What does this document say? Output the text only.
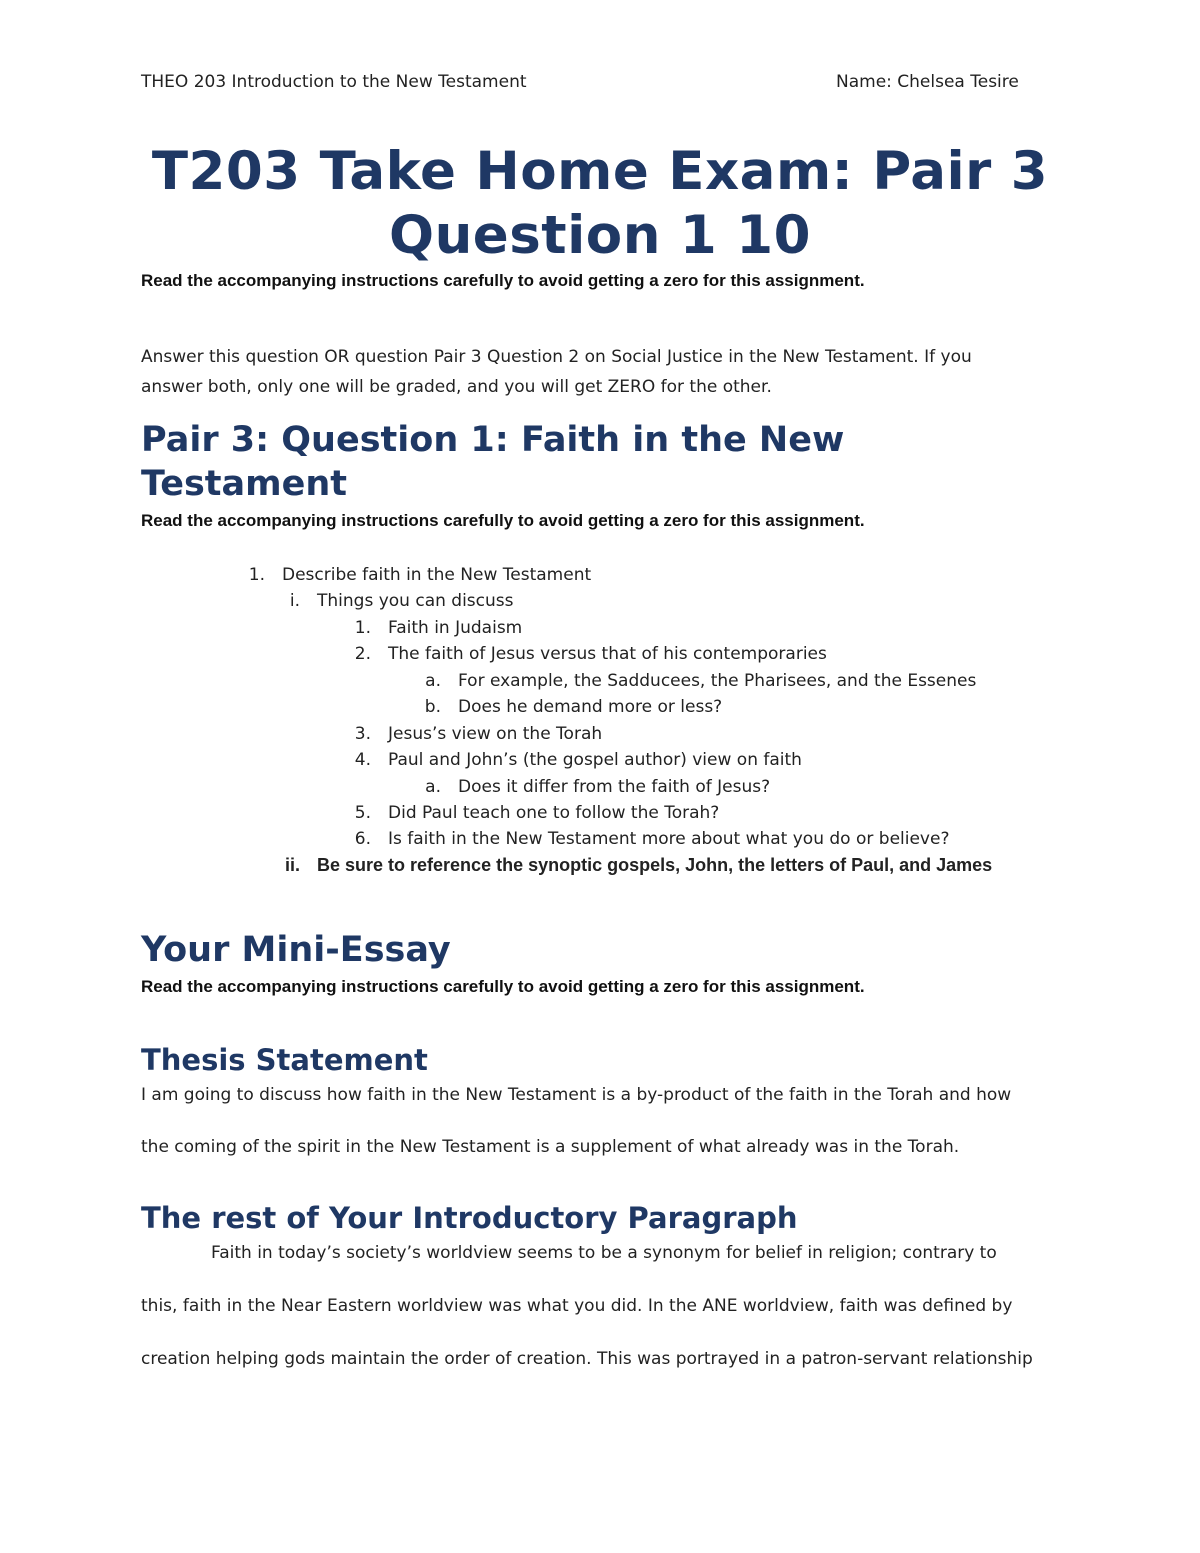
THEO 203 Introduction to the New Testament	Name: Chelsea Tesire
T203 Take Home Exam: Pair 3
Question 1 10
Read the accompanying instructions carefully to avoid getting a zero for this assignment.
Answer this question OR question Pair 3 Question 2 on Social Justice in the New Testament. If you
answer both, only one will be graded, and you will get ZERO for the other.
Pair 3: Question 1: Faith in the New
Testament
Read the accompanying instructions carefully to avoid getting a zero for this assignment.
1. Describe faith in the New Testament
i. Things you can discuss
1. Faith in Judaism
2. The faith of Jesus versus that of his contemporaries
a. For example, the Sadducees, the Pharisees, and the Essenes
b. Does he demand more or less?
3. Jesus’s view on the Torah
4. Paul and John’s (the gospel author) view on faith
a. Does it differ from the faith of Jesus?
5. Did Paul teach one to follow the Torah?
6. Is faith in the New Testament more about what you do or believe?
ii. Be sure to reference the synoptic gospels, John, the letters of Paul, and James
Your Mini-Essay
Read the accompanying instructions carefully to avoid getting a zero for this assignment.
Thesis Statement
I am going to discuss how faith in the New Testament is a by-product of the faith in the Torah and how
the coming of the spirit in the New Testament is a supplement of what already was in the Torah.
The rest of Your Introductory Paragraph
Faith in today’s society’s worldview seems to be a synonym for belief in religion; contrary to
this, faith in the Near Eastern worldview was what you did. In the ANE worldview, faith was defined by
creation helping gods maintain the order of creation. This was portrayed in a patron-servant relationship
